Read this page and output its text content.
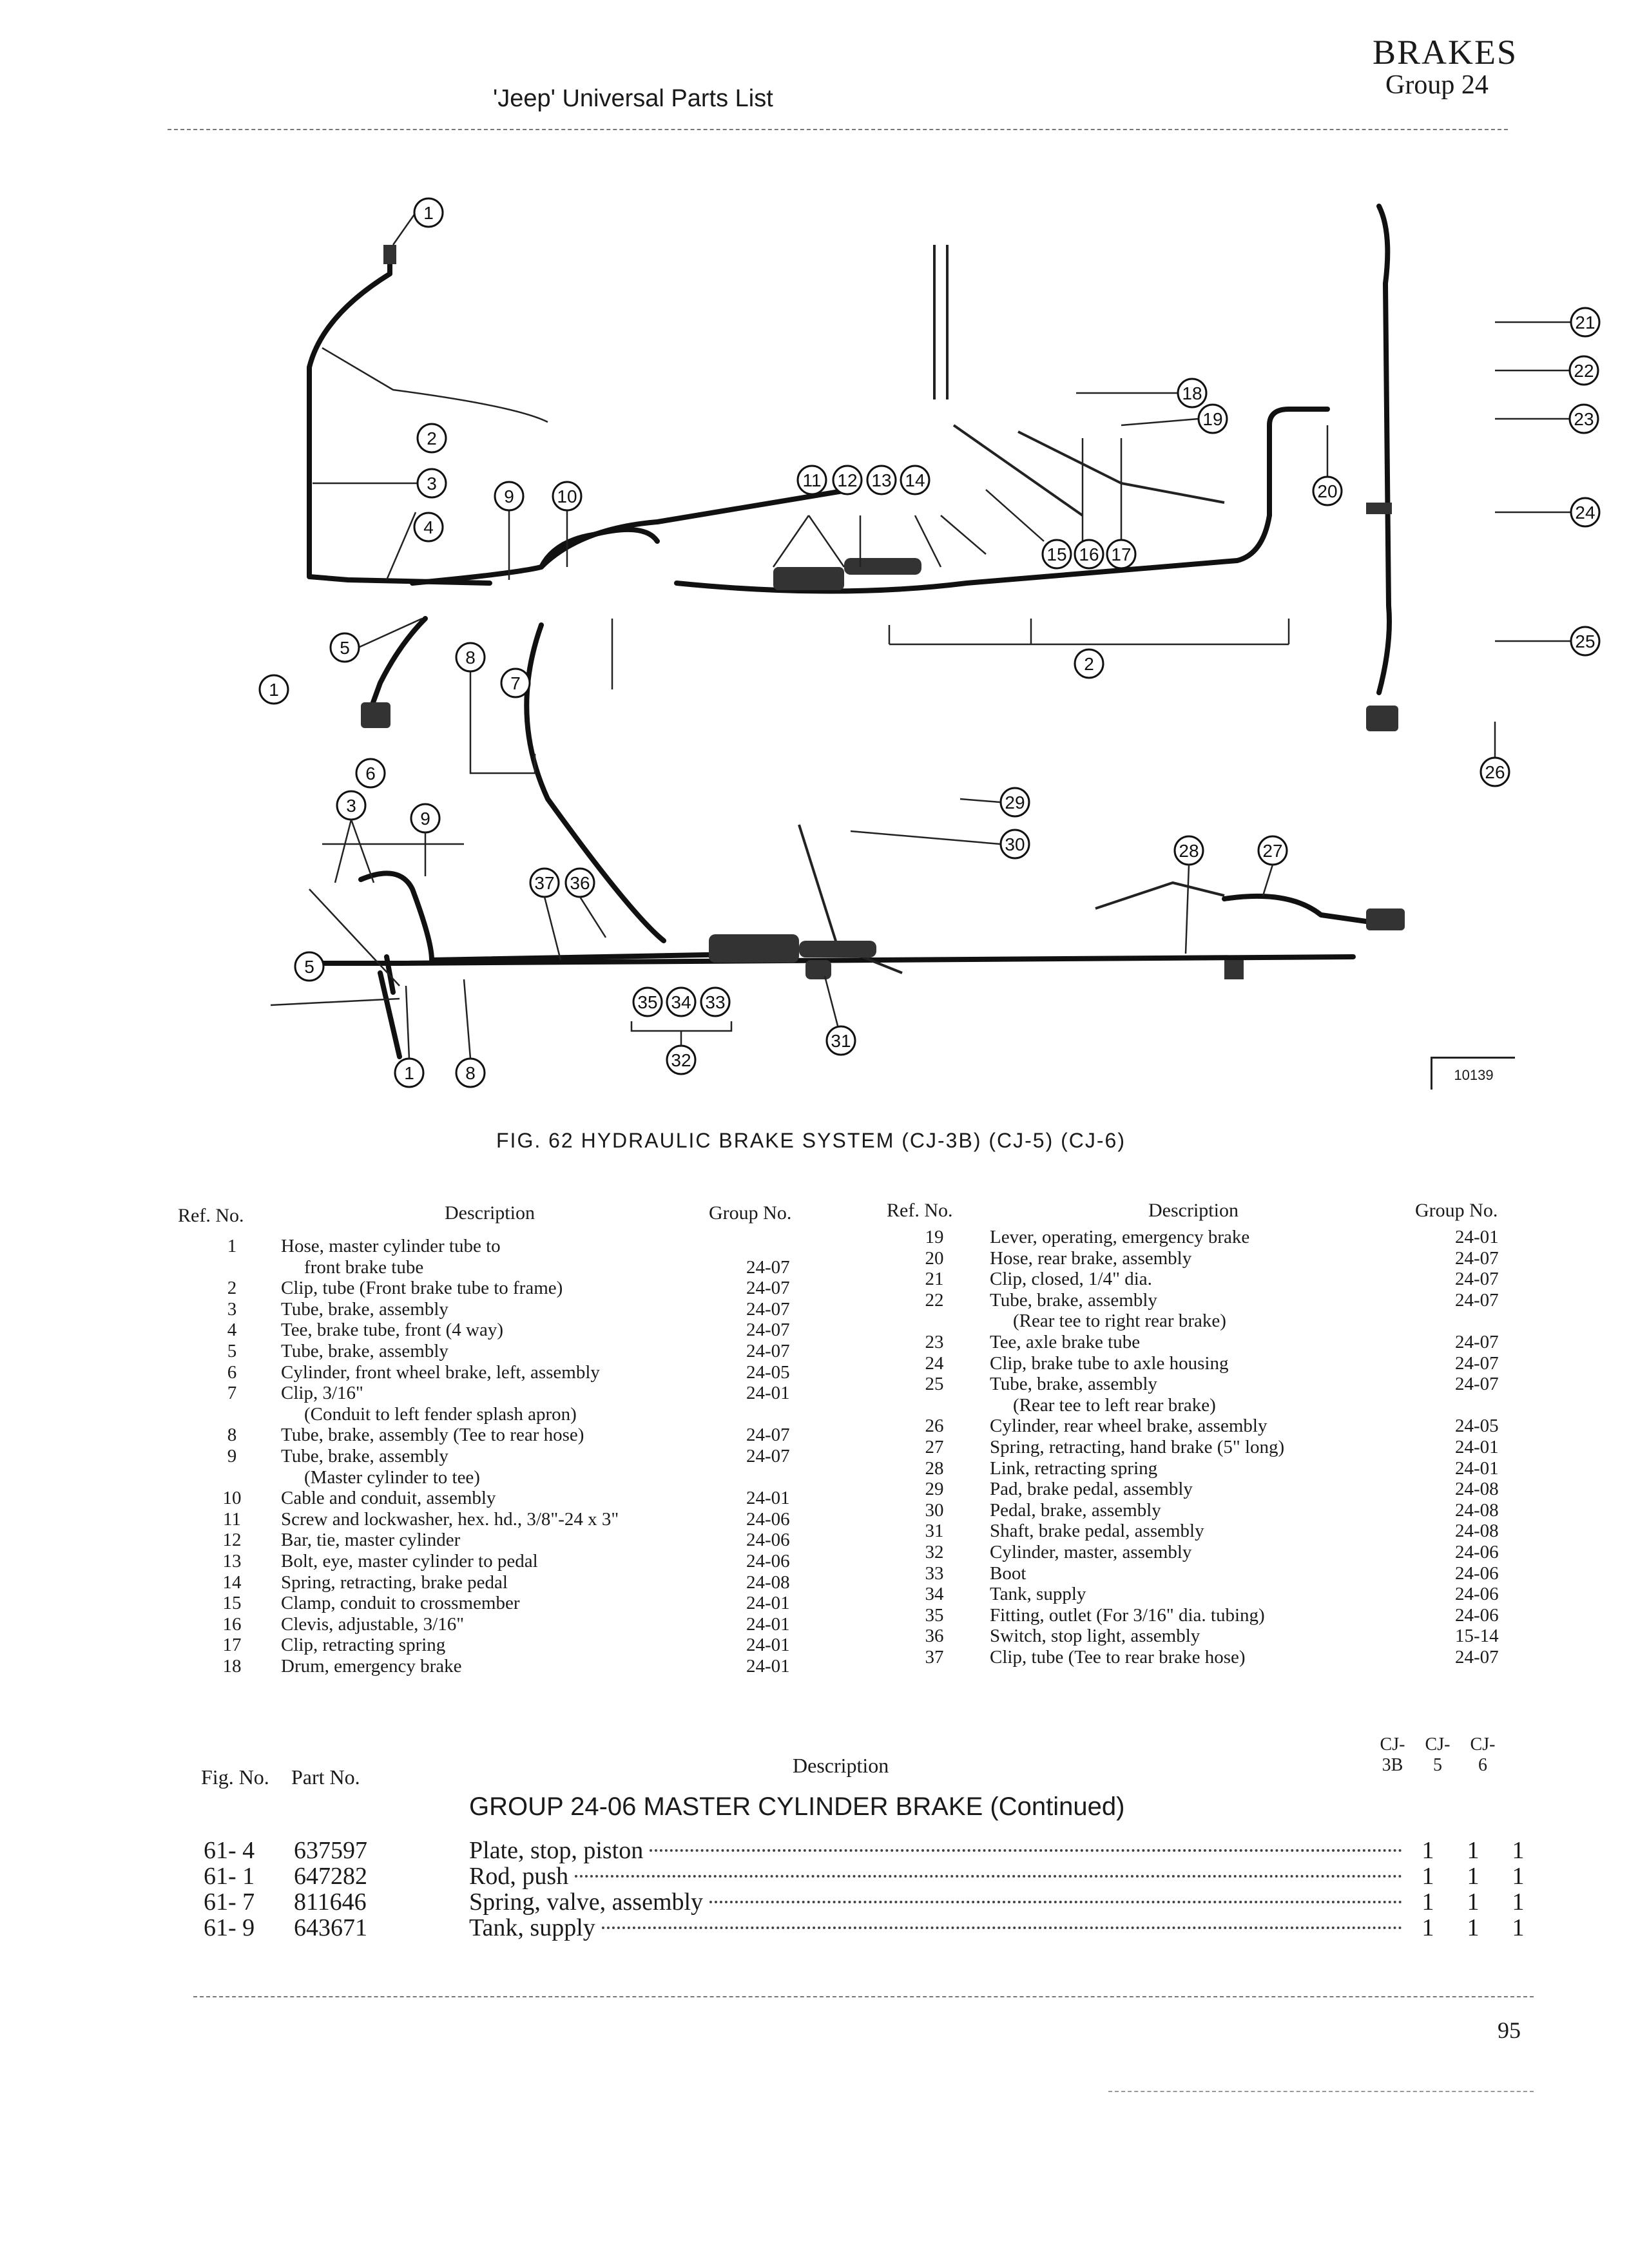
BRAKES
Group 24
'Jeep' Universal Parts List
1
2
3
4
5	8
1
6
9 10
11 12 13 14
15 16 17
18
19
20
21
22
23
24
25
26
2
7
29
30	28	27
3
9
37 36
5
35 34 33
32
31
1	8	10139
FIG. 62 HYDRAULIC BRAKE SYSTEM (CJ-3B) (CJ-5) (CJ-6)
Ref. No.	Description	Group No.	Ref. No.	Description	Group No.
1	Hose, master cylinder tube to
front brake tube	24-07
2	Clip, tube (Front brake tube to frame)	24-07
3	Tube, brake, assembly	24-07
4	Tee, brake tube, front (4 way)	24-07
5	Tube, brake, assembly	24-07
6	Cylinder, front wheel brake, left, assembly	24-05
7	Clip, 3/16"	24-01
(Conduit to left fender splash apron)
8	Tube, brake, assembly (Tee to rear hose)	24-07
9	Tube, brake, assembly	24-07
(Master cylinder to tee)
10	Cable and conduit, assembly	24-01
11	Screw and lockwasher, hex. hd., 3/8"-24 x 3"	24-06
12	Bar, tie, master cylinder	24-06
13	Bolt, eye, master cylinder to pedal	24-06
14	Spring, retracting, brake pedal	24-08
15	Clamp, conduit to crossmember	24-01
16	Clevis, adjustable, 3/16"	24-01
17	Clip, retracting spring	24-01
18	Drum, emergency brake	24-01
19	Lever, operating, emergency brake	24-01
20	Hose, rear brake, assembly	24-07
21	Clip, closed, 1/4" dia.	24-07
22	Tube, brake, assembly	24-07
(Rear tee to right rear brake)
23	Tee, axle brake tube	24-07
24	Clip, brake tube to axle housing	24-07
25	Tube, brake, assembly	24-07
(Rear tee to left rear brake)
26	Cylinder, rear wheel brake, assembly	24-05
27	Spring, retracting, hand brake (5" long)	24-01
28	Link, retracting spring	24-01
29	Pad, brake pedal, assembly	24-08
30	Pedal, brake, assembly	24-08
31	Shaft, brake pedal, assembly	24-08
32	Cylinder, master, assembly	24-06
33	Boot	24-06
34	Tank, supply	24-06
35	Fitting, outlet (For 3/16" dia. tubing)	24-06
36	Switch, stop light, assembly	15-14
37	Clip, tube (Tee to rear brake hose)	24-07
Fig. No. Part No.	Description
CJ-3B
CJ-5
CJ-6
GROUP 24-06 MASTER CYLINDER BRAKE (Continued)
61- 4 637597	Plate, stop, piston	1 1 1
61- 1 647282	Rod, push	1 1 1
61- 7 811646	Spring, valve, assembly	1 1 1
61- 9 643671	Tank, supply	1 1 1
95
